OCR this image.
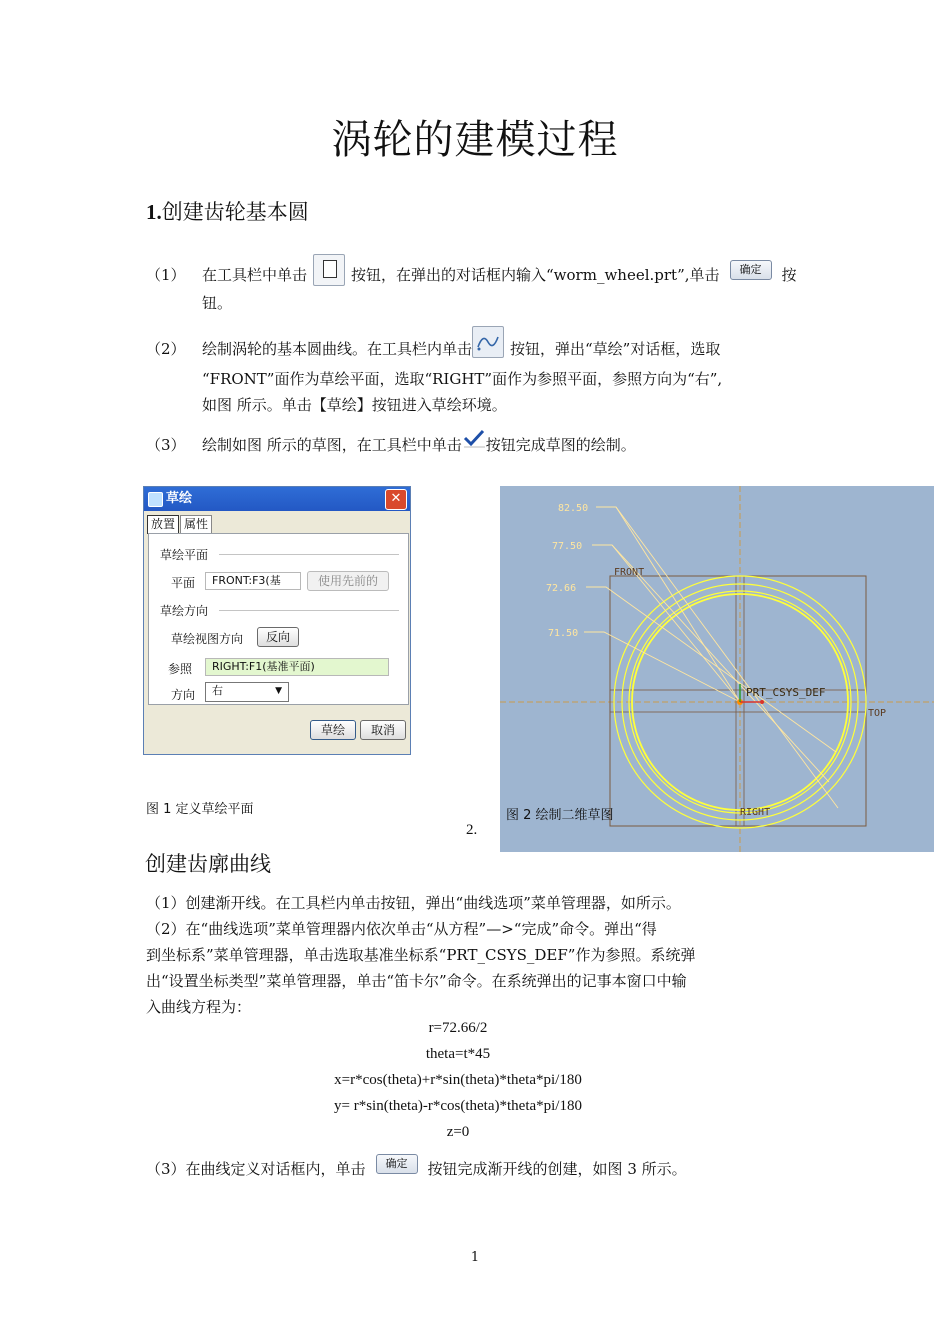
涡轮的建模过程
1.创建齿轮基本圆
（1）	在工具栏中单击	按钮，在弹出的对话框内输入“worm_wheel.prt”,单击 确定 按
钮。
（2）	绘制涡轮的基本圆曲线。在工具栏内单击	按钮，弹出“草绘”对话框，选取
“FRONT”面作为草绘平面，选取“RIGHT”面作为参照平面，参照方向为“右”,
如图 所示。单击【草绘】按钮进入草绘环境。
（3）	绘制如图 所示的草图，在工具栏中单击 按钮完成草图的绘制。
草绘	✕
放置 属性
草绘平面
平面	FRONT:F3(基	使用先前的
草绘方向
草绘视图方向	反向
参照	RIGHT:F1(基准平面)
方向	右	▼
草绘	取消
图 1 定义草绘平面
82.50
77.50
72.66
71.50
FRONT
PRT_CSYS_DEF
TOP
RIGHT
图 2 绘制二维草图
2.
创建齿廓曲线
（1）创建渐开线。在工具栏内单击按钮，弹出“曲线选项”菜单管理器，如所示。
（2）在“曲线选项”菜单管理器内依次单击“从方程”—>“完成”命令。弹出“得
到坐标系”菜单管理器，单击选取基准坐标系“PRT_CSYS_DEF”作为参照。系统弹
出“设置坐标类型”菜单管理器，单击“笛卡尔”命令。在系统弹出的记事本窗口中输
入曲线方程为：
r=72.66/2
theta=t*45
x=r*cos(theta)+r*sin(theta)*theta*pi/180
y= r*sin(theta)-r*cos(theta)*theta*pi/180
z=0
（3）在曲线定义对话框内，单击 确定 按钮完成渐开线的创建，如图 3 所示。
1
